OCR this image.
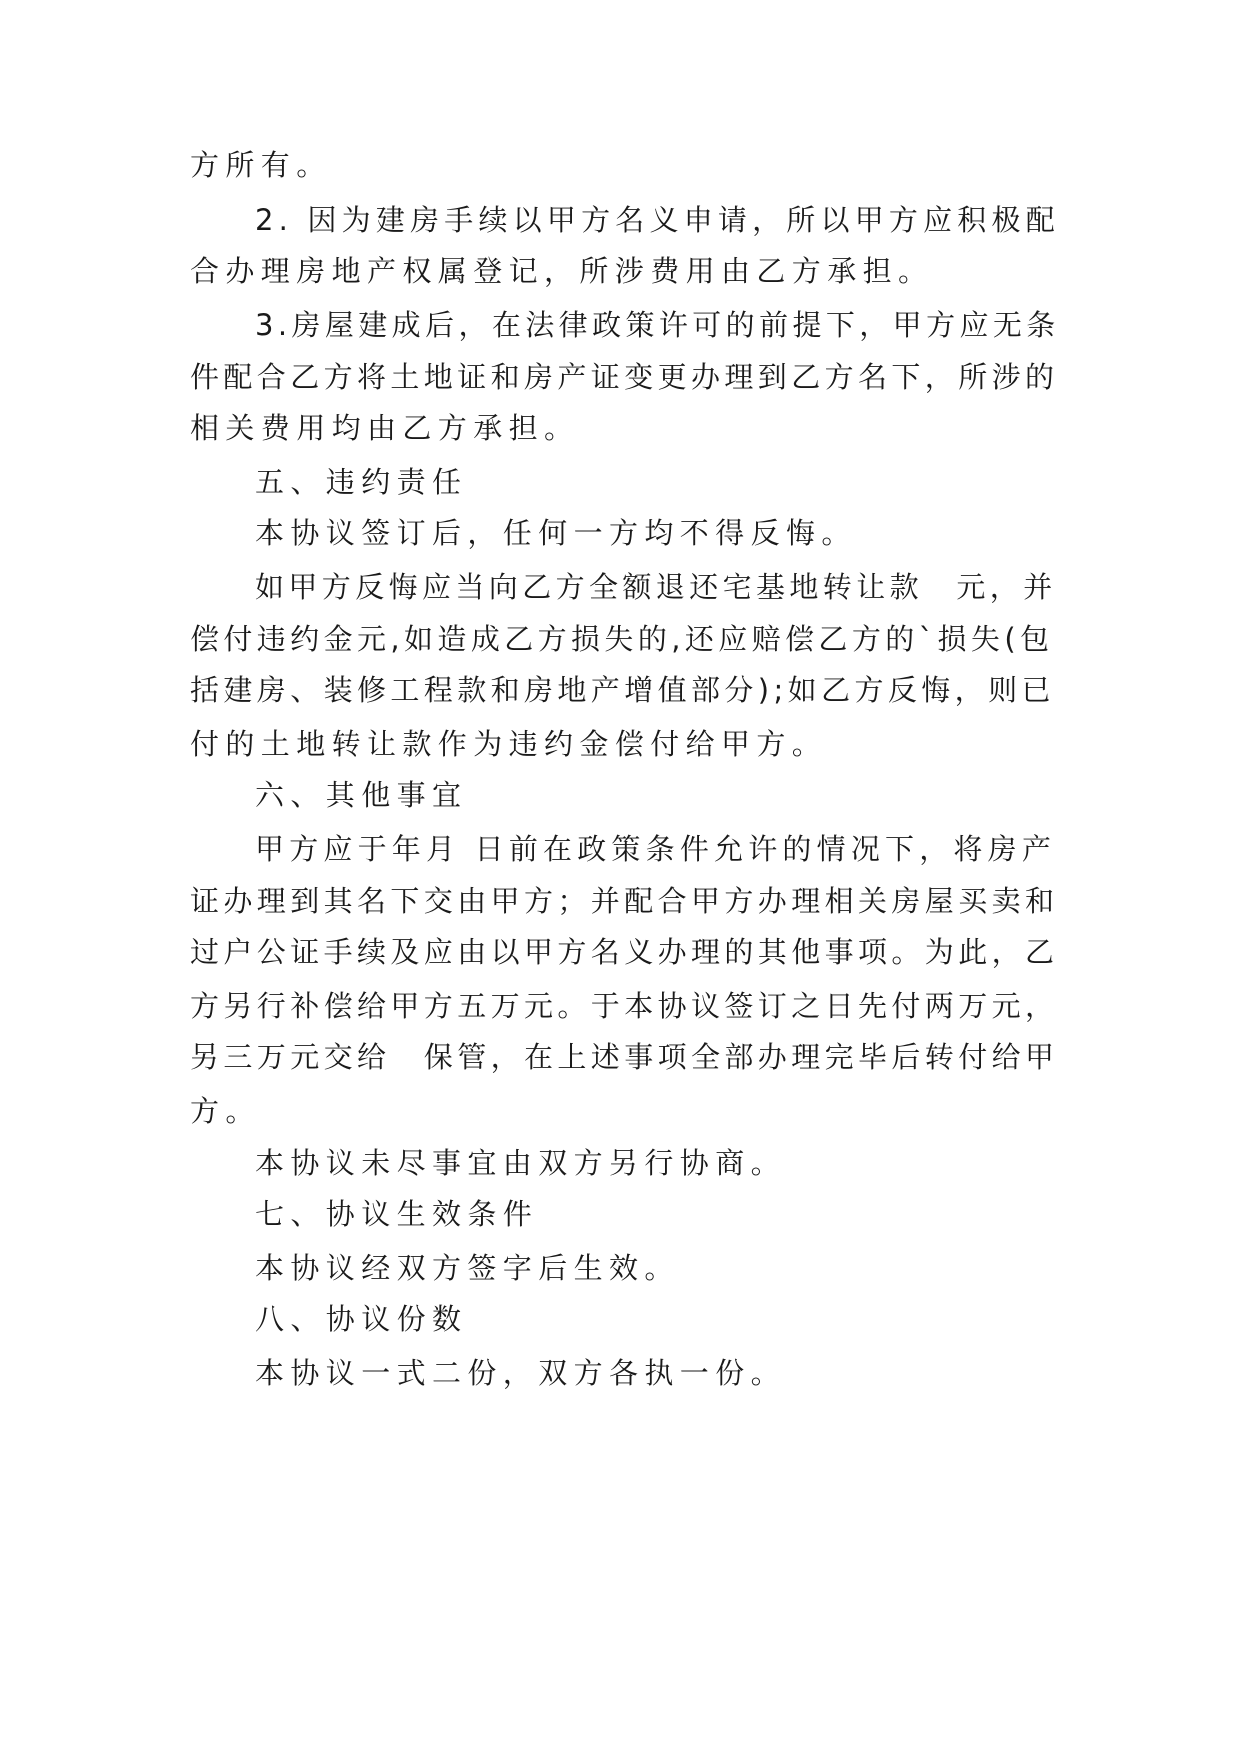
方所有。
2. 因为建房手续以甲方名义申请，所以甲方应积极配
合办理房地产权属登记，所涉费用由乙方承担。
3.房屋建成后，在法律政策许可的前提下，甲方应无条
件配合乙方将土地证和房产证变更办理到乙方名下，所涉的
相关费用均由乙方承担。
五、违约责任
本协议签订后，任何一方均不得反悔。
如甲方反悔应当向乙方全额退还宅基地转让款　元，并
偿付违约金元,如造成乙方损失的,还应赔偿乙方的`损失(包
括建房、装修工程款和房地产增值部分);如乙方反悔，则已
付的土地转让款作为违约金偿付给甲方。
六、其他事宜
甲方应于年月 日前在政策条件允许的情况下，将房产
证办理到其名下交由甲方；并配合甲方办理相关房屋买卖和
过户公证手续及应由以甲方名义办理的其他事项。为此，乙
方另行补偿给甲方五万元。于本协议签订之日先付两万元，
另三万元交给　保管，在上述事项全部办理完毕后转付给甲
方。
本协议未尽事宜由双方另行协商。
七、协议生效条件
本协议经双方签字后生效。
八、协议份数
本协议一式二份，双方各执一份。
